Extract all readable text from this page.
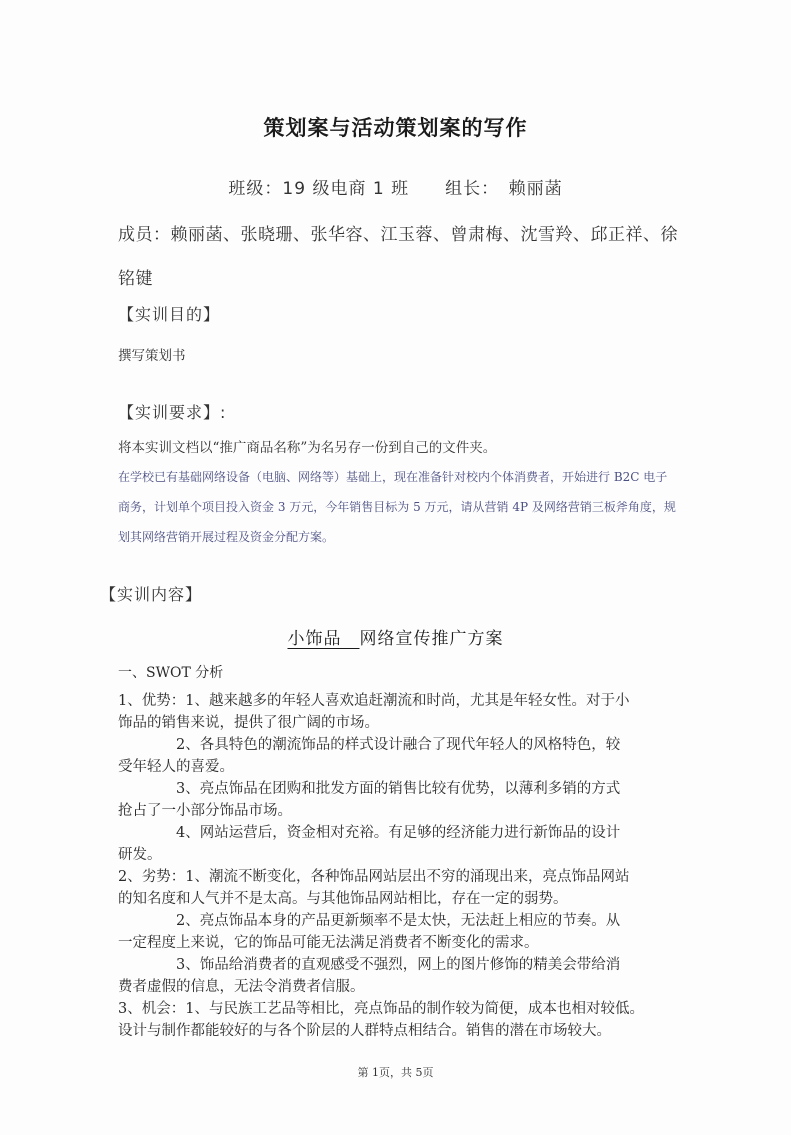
策划案与活动策划案的写作
班级：19 级电商 1 班　　组长：　赖丽菡
成员：赖丽菡、张晓珊、张华容、江玉蓉、曾肃梅、沈雪羚、邱正祥、徐铭键
【实训目的】
撰写策划书
【实训要求】:
将本实训文档以“推广商品名称”为名另存一份到自己的文件夹。
在学校已有基础网络设备（电脑、网络等）基础上，现在准备针对校内个体消费者，开始进行 B2C 电子商务，计划单个项目投入资金 3 万元，今年销售目标为 5 万元，请从营销 4P 及网络营销三板斧角度，规划其网络营销开展过程及资金分配方案。
【实训内容】
小饰品　 网络宣传推广方案
一、SWOT 分析
1、优势：1、越来越多的年轻人喜欢追赶潮流和时尚，尤其是年轻女性。对于小
饰品的销售来说，提供了很广阔的市场。
　　　　2、各具特色的潮流饰品的样式设计融合了现代年轻人的风格特色，较
受年轻人的喜爱。
　　　　3、亮点饰品在团购和批发方面的销售比较有优势，以薄利多销的方式
抢占了一小部分饰品市场。
　　　　4、网站运营后，资金相对充裕。有足够的经济能力进行新饰品的设计
研发。
2、劣势：1、潮流不断变化，各种饰品网站层出不穷的涌现出来，亮点饰品网站
的知名度和人气并不是太高。与其他饰品网站相比，存在一定的弱势。
　　　　2、亮点饰品本身的产品更新频率不是太快，无法赶上相应的节奏。从
一定程度上来说，它的饰品可能无法满足消费者不断变化的需求。
　　　　3、饰品给消费者的直观感受不强烈，网上的图片修饰的精美会带给消
费者虚假的信息，无法令消费者信服。
3、机会：1、与民族工艺品等相比，亮点饰品的制作较为简便，成本也相对较低。
设计与制作都能较好的与各个阶层的人群特点相结合。销售的潜在市场较大。
第 1页，共 5页
